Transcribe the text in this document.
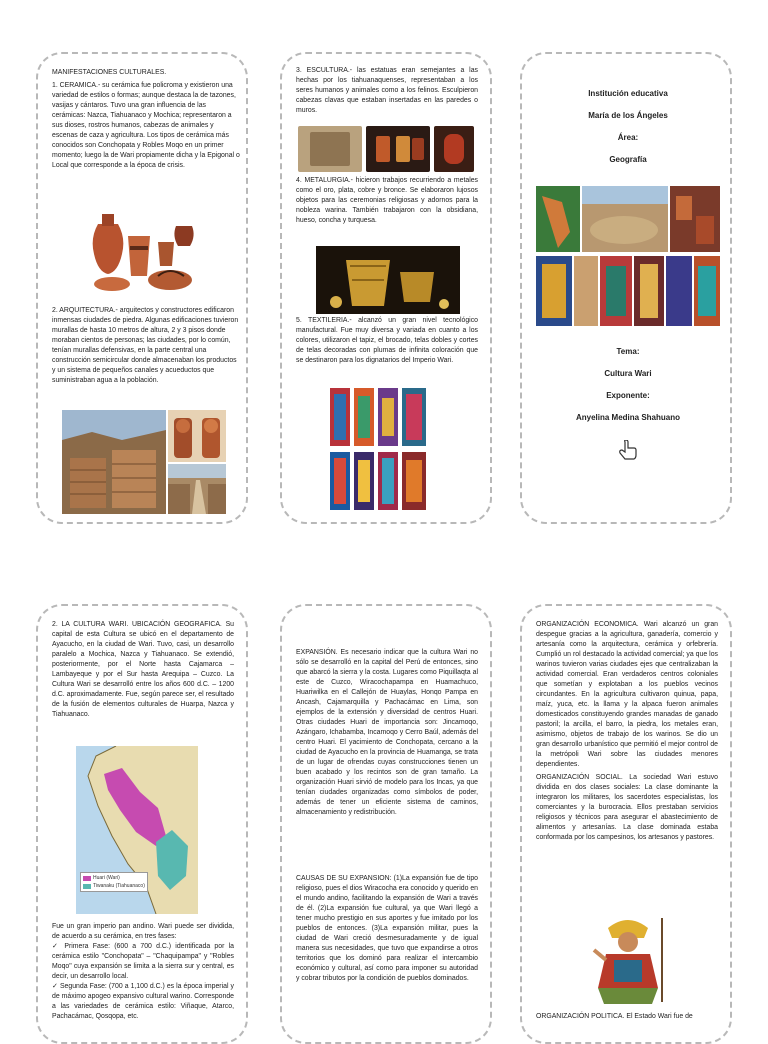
MANIFESTACIONES CULTURALES.

1. CERAMICA.- su cerámica fue policroma y existieron una variedad de estilos o formas; aunque destaca la de tazones, vasijas y cántaros. Tuvo una gran influencia de las cerámicas: Nazca, Tiahuanaco y Mochica; representaron a sus dioses, rostros humanos, cabezas de animales y escenas de caza y agricultura. Los tipos de cerámica más conocidos son Conchopata y Robles Moqo en un primer momento; luego la de Wari propiamente dicha y la Epigonal o Local que corresponde a la época de crisis.

2. ARQUITECTURA.- arquitectos y constructores edificaron inmensas ciudades de piedra. Algunas edificaciones tuvieron murallas de hasta 10 metros de altura, 2 y 3 pisos donde moraban cientos de personas; las ciudades, por lo común, tenían murallas defensivas, en la parte central una construcción semicircular donde almacenaban los productos y un sistema de pequeños canales y acueductos que suministraban agua a la población.

3. ESCULTURA.- las estatuas eran semejantes a las hechas por los tiahuanaquenses, representaban a los seres humanos y animales como a los felinos. Esculpieron cabezas clavas que estaban insertadas en las paredes o muros.

4. METALURGIA.- hicieron trabajos recurriendo a metales como el oro, plata, cobre y bronce. Se elaboraron lujosos objetos para las ceremonias religiosas y adornos para la nobleza warina. También trabajaron con la obsidiana, hueso, concha y turquesa.

5. TEXTILERIA.- alcanzó un gran nivel tecnológico manufactural. Fue muy diversa y variada en cuanto a los colores, utilizaron el tapiz, el brocado, telas dobles y cortes de telas decoradas con plumas de infinita coloración que se destinaron para los dignatarios del Imperio Wari.

Institución educativa

María de los Ángeles

Área:

Geografía

Tema:

Cultura Wari

Exponente:

Anyelina Medina Shahuano

2. LA CULTURA WARI. UBICACIÓN GEOGRAFICA. Su capital de esta Cultura se ubicó en el departamento de Ayacucho, en la ciudad de Wari. Tuvo, casi, un desarrollo paralelo a Mochica, Nazca y Tiahuanaco. Se extendió, posteriormente, por el Norte hasta Cajamarca – Lambayeque y por el Sur hasta Arequipa – Cuzco. La Cultura Wari se desarrolló entre los años 600 d.C. – 1200 d.C. aproximadamente. Fue, según parece ser, el resultado de la fusión de elementos culturales de Huarpa, Nazca y Tiahuanaco.

Huari (Wari)
Tiwanaku (Tiahuanaco)

Fue un gran imperio pan andino. Wari puede ser dividida, de acuerdo a su cerámica, en tres fases:
✓ Primera Fase: (600 a 700 d.C.) identificada por la cerámica estilo "Conchopata" – "Chaquipampa" y "Robles Moqo" cuya expansión se limita a la sierra sur y central, es decir, un desarrollo local.
✓ Segunda Fase: (700 a 1,100 d.C.) es la época imperial y de máximo apogeo expansivo cultural warino. Corresponde a las variedades de cerámica estilo: Viñaque, Atarco, Pachacámac, Qosqopa, etc.

EXPANSIÓN. Es necesario indicar que la cultura Wari no sólo se desarrolló en la capital del Perú de entonces, sino que abarcó la sierra y la costa. Lugares como Piquillaqta al este de Cuzco, Wiracochapampa en Huamachuco, Huariwilka en el Callejón de Huaylas, Honqo Pampa en Ancash, Cajamarquilla y Pachacámac en Lima, son ejemplos de la extensión y diversidad de centros Huari. Otras ciudades Huari de importancia son: Jincamoqo, Azángaro, Ichabamba, Incamoqo y Cerro Baúl, además del centro Huari. El yacimiento de Conchopata, cercano a la ciudad de Ayacucho en la provincia de Huamanga, se trata de un lugar de ofrendas cuyas construcciones tienen un buen acabado y los recintos son de gran tamaño. La organización Huari sirvió de modelo para los Incas, ya que tenían ciudades organizadas como símbolos de poder, además de tener un eficiente sistema de caminos, almacenamiento y redistribución.

CAUSAS DE SU EXPANSION: (1)La expansión fue de tipo religioso, pues el dios Wiracocha era conocido y querido en el mundo andino, facilitando la expansión de Wari a través de él. (2)La expansión fue cultural, ya que Wari llegó a tener mucho prestigio en sus aportes y fue imitado por los pueblos de entonces. (3)La expansión militar, pues la ciudad de Wari creció desmesuradamente y de igual manera sus necesidades, que tuvo que expandirse a otros territorios que los dominó para realizar el intercambio económico y cultural, así como para imponer su autoridad y cobrar tributos por la condición de pueblos dominados.

ORGANIZACIÓN ECONOMICA. Wari alcanzó un gran despegue gracias a la agricultura, ganadería, comercio y artesanía como la arquitectura, cerámica y orfebrería. Cumplió un rol destacado la actividad comercial; ya que los warinos tuvieron varias ciudades ejes que centralizaban la actividad comercial. Eran verdaderos centros coloniales que sometían y explotaban a los pueblos vecinos circundantes. En la agricultura cultivaron quinua, papa, maíz, yuca, etc. la llama y la alpaca fueron animales domesticados constituyendo grandes manadas de ganado pastoril; la arcilla, el barro, la piedra, los metales eran, asimismo, objetos de trabajo de los warinos. Se dio un gran desarrollo urbanístico que permitió el mejor control de la metrópoli Wari sobre las ciudades menores dependientes.

ORGANIZACIÓN SOCIAL. La sociedad Wari estuvo dividida en dos clases sociales: La clase dominante la integraron los militares, los sacerdotes especialistas, los comerciantes y la burocracia. Ellos prestaban servicios religiosos y técnicos para asegurar el abastecimiento de alimentos y artesanías. La clase dominada estaba conformada por los campesinos, los artesanos y pastores.

ORGANIZACIÓN POLITICA. El Estado Wari fue de
